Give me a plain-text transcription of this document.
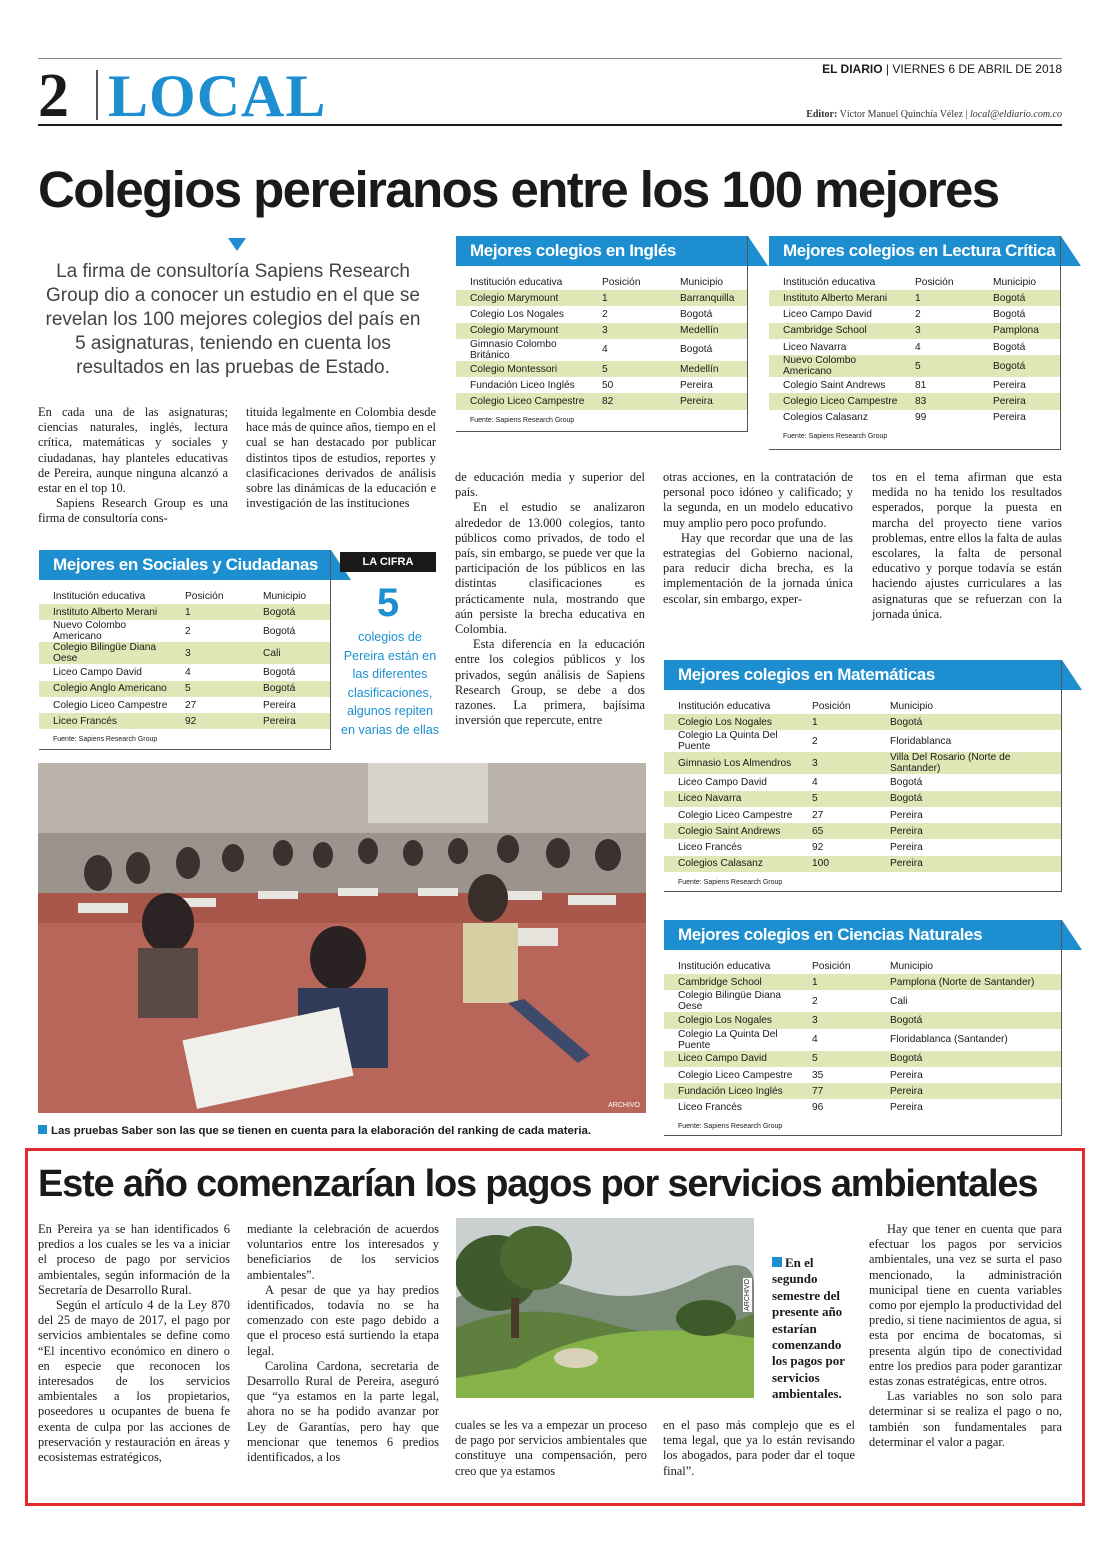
2 LOCAL	EL DIARIO | VIERNES 6 DE ABRIL DE 2018
Editor: Víctor Manuel Quinchía Vélez | local@eldiario.com.co
Colegios pereiranos entre los 100 mejores
La firma de consultoría Sapiens Research Group dio a conocer un estudio en el que se revelan los 100 mejores colegios del país en 5 asignaturas, teniendo en cuenta los resultados en las pruebas de Estado.

En cada una de las asignaturas; ciencias naturales, inglés, lectura crítica, matemáticas y sociales y ciudadanas, hay planteles educativas de Pereira, aunque ninguna alcanzó a estar en el top 10.

Sapiens Research Group es una firma de consultoría cons-

tituida legalmente en Colombia desde hace más de quince años, tiempo en el cual se han destacado por publicar distintos tipos de estudios, reportes y clasificaciones derivados de análisis sobre las dinámicas de la educación e investigación de las instituciones

de educación media y superior del país.

En el estudio se analizaron alrededor de 13.000 colegios, tanto públicos como privados, de todo el país, sin embargo, se puede ver que la participación de los públicos en las distintas clasificaciones es prácticamente nula, mostrando que aún persiste la brecha educativa en Colombia.

Esta diferencia en la educación entre los colegios públicos y los privados, según análisis de Sapiens Research Group, se debe a dos razones. La primera, bajísima inversión que repercute, entre

otras acciones, en la contratación de personal poco idóneo y calificado; y la segunda, en un modelo educativo muy amplio pero poco profundo.

Hay que recordar que una de las estrategias del Gobierno nacional, para reducir dicha brecha, es la implementación de la jornada única escolar, sin embargo, exper-

tos en el tema afirman que esta medida no ha tenido los resultados esperados, porque la puesta en marcha del proyecto tiene varios problemas, entre ellos la falta de aulas escolares, la falta de personal educativo y porque todavía se están haciendo ajustes curriculares a las asignaturas que se refuerzan con la jornada única.

Mejores colegios en Inglés
Institución educativa	Posición	Municipio
Colegio Marymount	1	Barranquilla
Colegio Los Nogales	2	Bogotá
Colegio Marymount	3	Medellín
Gimnasio Colombo Británico	4	Bogotá
Colegio Montessori	5	Medellín
Fundación Liceo Inglés	50	Pereira
Colegio Liceo Campestre	82	Pereira
Fuente: Sapiens Research Group
Mejores colegios en Lectura Crítica
Institución educativa	Posición	Municipio
Instituto Alberto Merani	1	Bogotá
Liceo Campo David	2	Bogotá
Cambridge School	3	Pamplona
Liceo Navarra	4	Bogotá
Nuevo Colombo Americano	5	Bogotá
Colegio Saint Andrews	81	Pereira
Colegio Liceo Campestre	83	Pereira
Colegios Calasanz	99	Pereira
Fuente: Sapiens Research Group
Mejores en Sociales y Ciudadanas
Institución educativa	Posición	Municipio
Instituto Alberto Merani	1	Bogotá
Nuevo Colombo Americano	2	Bogotá
Colegio Bilingüe Diana Oese	3	Cali
Liceo Campo David	4	Bogotá
Colegio Anglo Americano	5	Bogotá
Colegio Liceo Campestre	27	Pereira
Liceo Francés	92	Pereira
Fuente: Sapiens Research Group
LA CIFRA
5
colegios de Pereira están en las diferentes clasificaciones, algunos repiten en varias de ellas
Mejores colegios en Matemáticas
Institución educativa	Posición	Municipio
Colegio Los Nogales	1	Bogotá
Colegio La Quinta Del Puente	2	Floridablanca
Gimnasio Los Almendros	3	Villa Del Rosario (Norte de Santander)
Liceo Campo David	4	Bogotá
Liceo Navarra	5	Bogotá
Colegio Liceo Campestre	27	Pereira
Colegio Saint Andrews	65	Pereira
Liceo Francés	92	Pereira
Colegios Calasanz	100	Pereira
Fuente: Sapiens Research Group
Mejores colegios en Ciencias Naturales
Institución educativa	Posición	Municipio
Cambridge School	1	Pamplona (Norte de Santander)
Colegio Bilingüe Diana Oese	2	Cali
Colegio Los Nogales	3	Bogotá
Colegio La Quinta Del Puente	4	Floridablanca (Santander)
Liceo Campo David	5	Bogotá
Colegio Liceo Campestre	35	Pereira
Fundación Liceo Inglés	77	Pereira
Liceo Francés	96	Pereira
Fuente: Sapiens Research Group
ARCHIVO
Las pruebas Saber son las que se tienen en cuenta para la elaboración del ranking de cada materia.
Este año comenzarían los pagos por servicios ambientales

En Pereira ya se han identificados 6 predios a los cuales se les va a iniciar el proceso de pago por servicios ambientales, según información de la Secretaría de Desarrollo Rural.

Según el artículo 4 de la Ley 870 del 25 de mayo de 2017, el pago por servicios ambientales se define como “El incentivo económico en dinero o en especie que reconocen los interesados de los servicios ambientales a los propietarios, poseedores u ocupantes de buena fe exenta de culpa por las acciones de preservación y restauración en áreas y ecosistemas estratégicos,

mediante la celebración de acuerdos voluntarios entre los interesados y beneficiarios de los servicios ambientales”.

A pesar de que ya hay predios identificados, todavía no se ha comenzado con este pago debido a que el proceso está surtiendo la etapa legal.

Carolina Cardona, secretaria de Desarrollo Rural de Pereira, aseguró que “ya estamos en la parte legal, ahora no se ha podido avanzar por Ley de Garantías, pero hay que mencionar que tenemos 6 predios identificados, a los

ARCHIVO
En el segundo semestre del presente año estarían comenzando los pagos por servicios ambientales.

cuales se les va a empezar un proceso de pago por servicios ambientales que constituye una compensación, pero creo que ya estamos

en el paso más complejo que es el tema legal, que ya lo están revisando los abogados, para poder dar el toque final”.

Hay que tener en cuenta que para efectuar los pagos por servicios ambientales, una vez se surta el paso mencionado, la administración municipal tiene en cuenta variables como por ejemplo la productividad del predio, si tiene nacimientos de agua, si esta por encima de bocatomas, si presenta algún tipo de conectividad entre los predios para poder garantizar estas zonas estratégicas, entre otros.

Las variables no son solo para determinar si se realiza el pago o no, también son fundamentales para determinar el valor a pagar.
